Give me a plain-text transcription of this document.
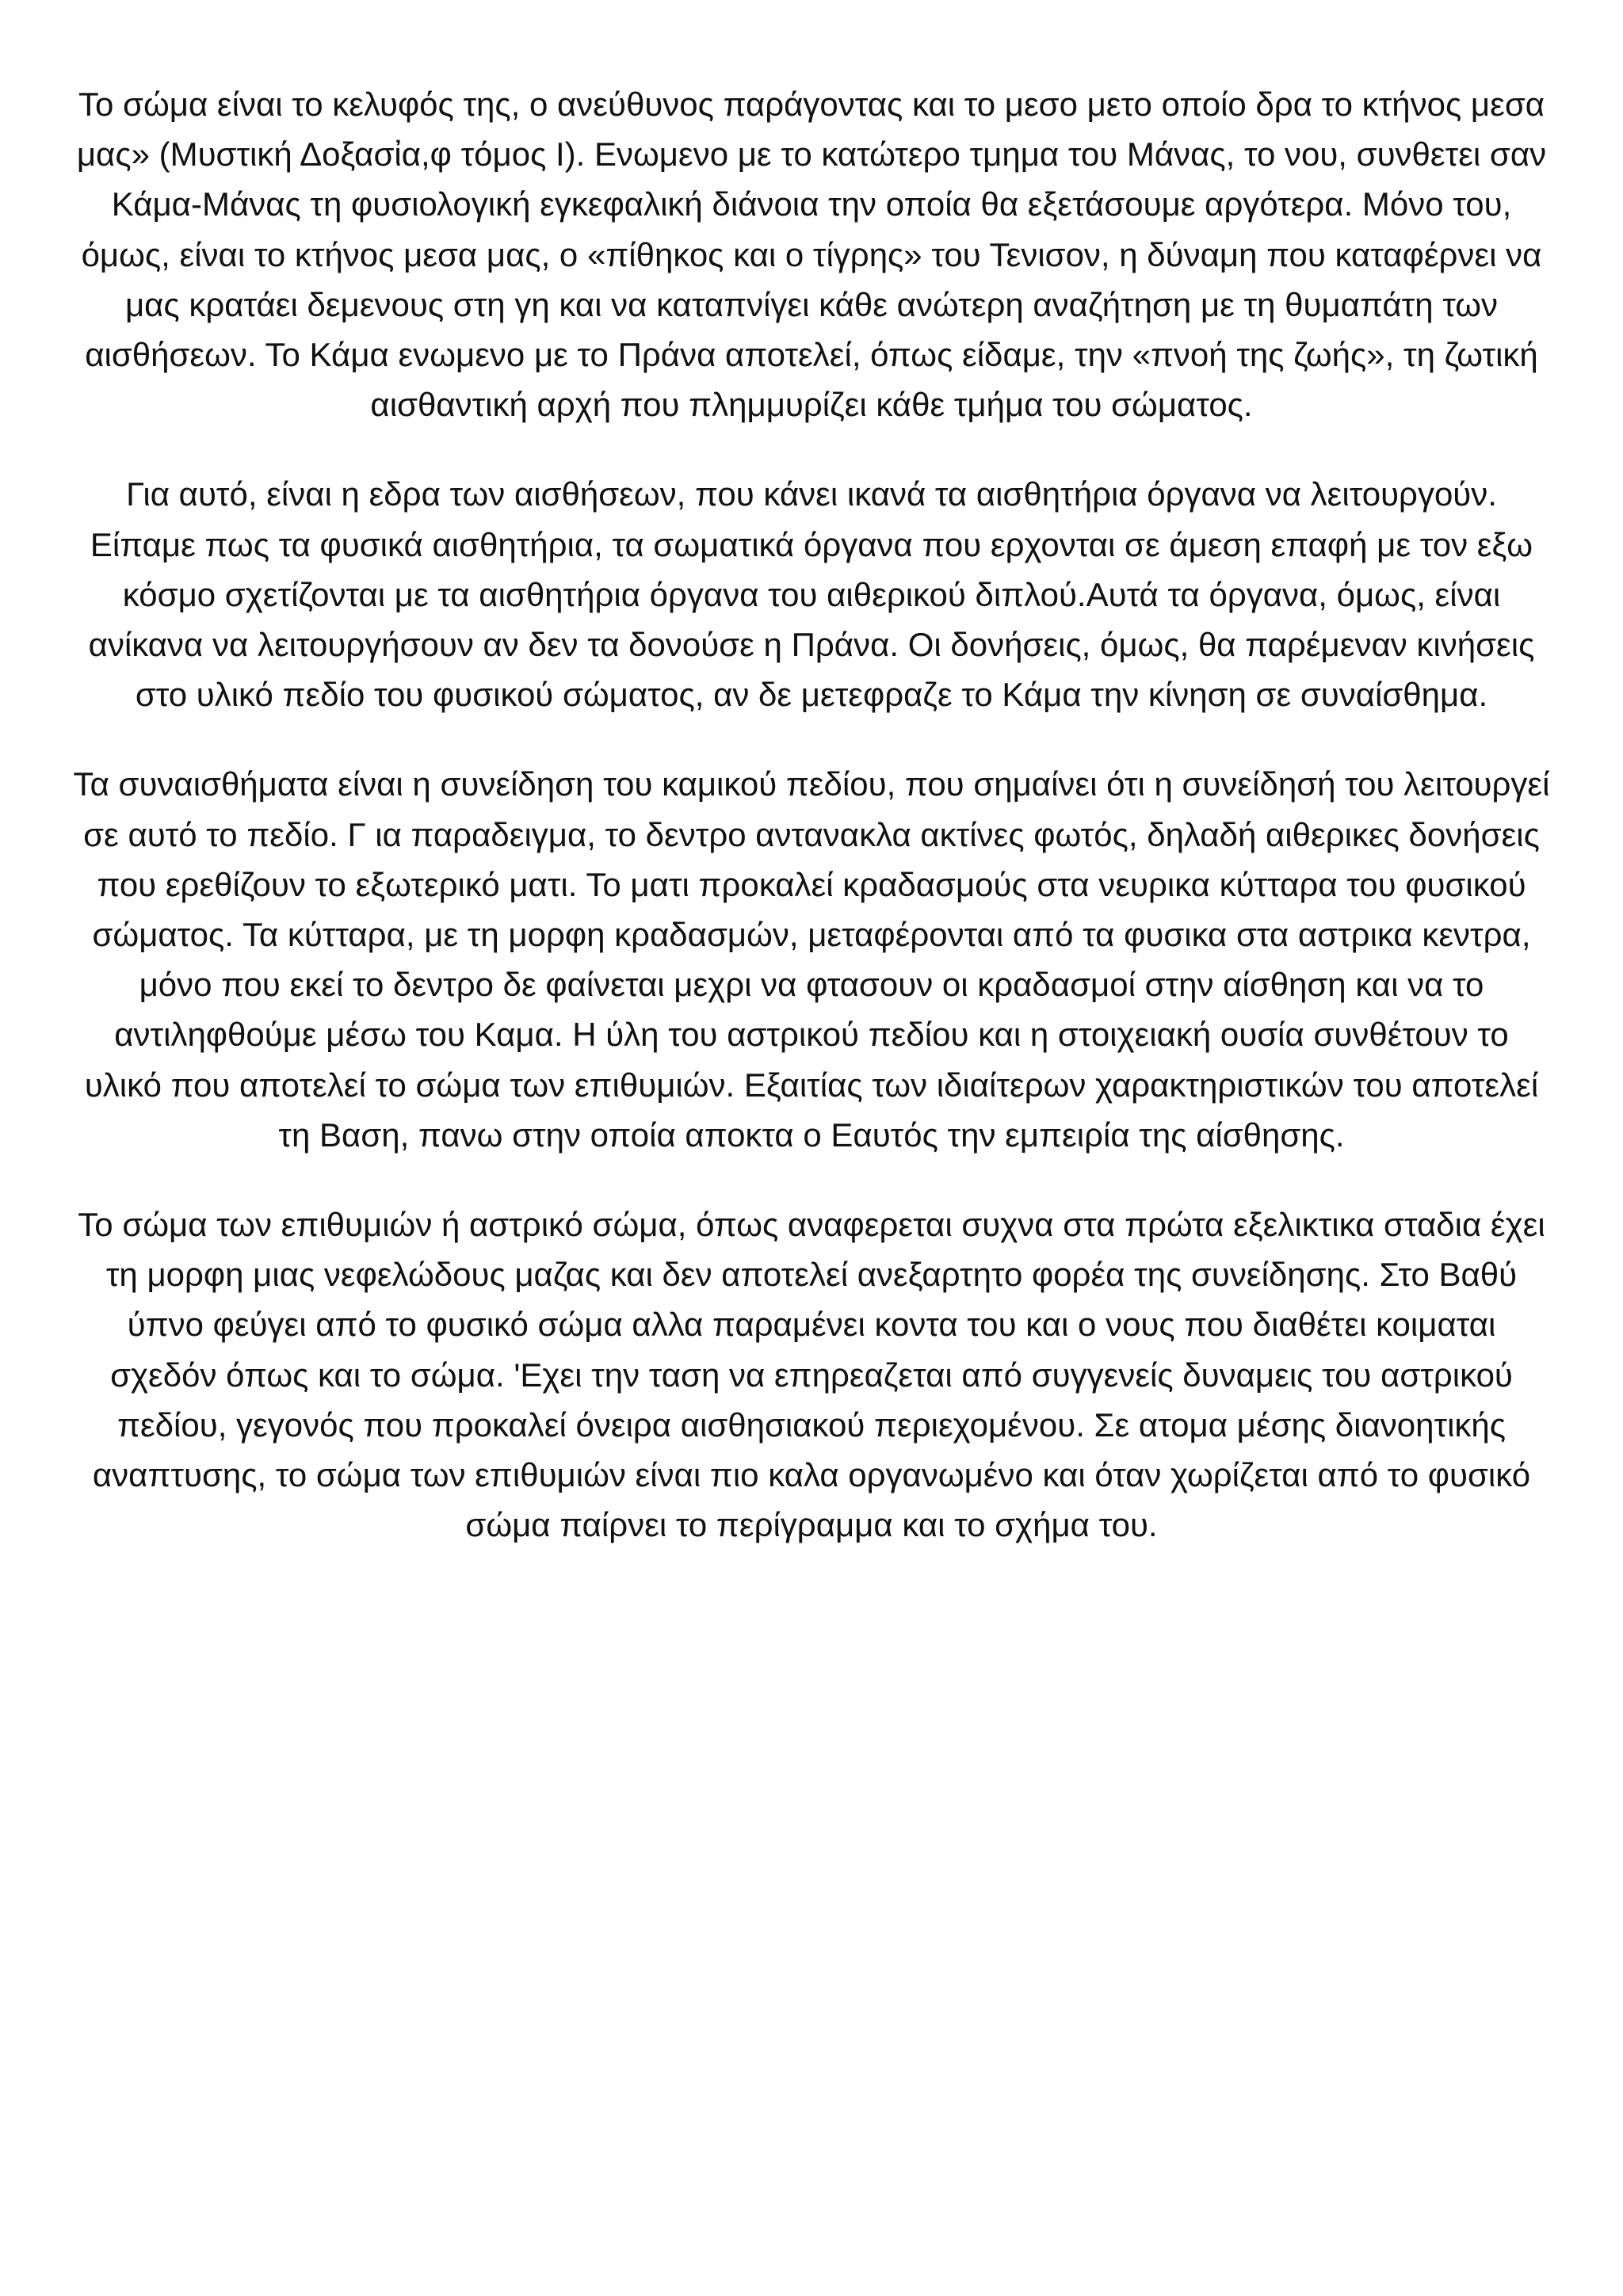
Το σώμα είναι το κελυφός της, ο ανεύθυνος παράγοντας και το μεσο μετο οποίο δρα το κτήνος μεσα μας» (Μυστική Δοξασἰα,φ τόμος Ι). Ενωμενο με το κατώτερο τμημα του Μάνας, το νου, συνθετει σαν Κάμα-Μάνας τη φυσιολογική εγκεφαλική διάνοια την οποία θα εξετάσουμε αργότερα. Μόνο του, όμως, είναι το κτήνος μεσα μας, ο «πίθηκος και ο τίγρης» του Τενισον, η δύναμη που καταφέρνει να μας κρατάει δεμενους στη γη και να καταπνίγει κάθε ανώτερη αναζήτηση με τη θυμαπάτη των αισθήσεων. Το Κάμα ενωμενο με το Πράνα αποτελεί, όπως είδαμε, την «πνοή της ζωής», τη ζωτική αισθαντική αρχή που πλημμυρίζει κάθε τμήμα του σώματος.

Για αυτό, είναι η εδρα των αισθήσεων, που κάνει ικανά τα αισθητήρια όργανα να λειτουργούν. Είπαμε πως τα φυσικά αισθητήρια, τα σωματικά όργανα που ερχονται σε άμεση επαφή με τον εξω κόσμο σχετίζονται με τα αισθητήρια όργανα του αιθερικού διπλού.Αυτά τα όργανα, όμως, είναι ανίκανα να λειτουργήσουν αν δεν τα δονούσε η Πράνα. Οι δονήσεις, όμως, θα παρέμεναν κινήσεις στο υλικό πεδίο του φυσικού σώματος, αν δε μετεφραζε το Κάμα την κίνηση σε συναίσθημα.

Τα συναισθήματα είναι η συνείδηση του καμικού πεδίου, που σημαίνει ότι η συνείδησή του λειτουργεί σε αυτό το πεδίο. Γ ια παραδειγμα, το δεντρο αντανακλα ακτίνες φωτός, δηλαδή αιθερικες δονήσεις που ερεθίζουν το εξωτερικό ματι. Το ματι προκαλεί κραδασμούς στα νευρικα κύτταρα του φυσικού σώματος. Τα κύτταρα, με τη μορφη κραδασμών, μεταφέρονται από τα φυσικα στα αστρικα κεντρα, μόνο που εκεί το δεντρο δε φαίνεται μεχρι να φτασουν οι κραδασμοί στην αίσθηση και να το αντιληφθούμε μέσω του Καμα. Η ύλη του αστρικού πεδίου και η στοιχειακή ουσία συνθέτουν το υλικό που αποτελεί το σώμα των επιθυμιών. Εξαιτίας των ιδιαίτερων χαρακτηριστικών του αποτελεί τη Βαση, πανω στην οποία αποκτα ο Εαυτός την εμπειρία της αίσθησης.

Το σώμα των επιθυμιών ή αστρικό σώμα, όπως αναφερεται συχνα στα πρώτα εξελικτικα σταδια έχει τη μορφη μιας νεφελώδους μαζας και δεν αποτελεί ανεξαρτητο φορέα της συνείδησης. Στο Βαθύ ύπνο φεύγει από το φυσικό σώμα αλλα παραμένει κοντα του και ο νους που διαθέτει κοιμαται σχεδόν όπως και το σώμα. 'Εχει την ταση να επηρεαζεται από συγγενείς δυναμεις του αστρικού πεδίου, γεγονός που προκαλεί όνειρα αισθησιακού περιεχομένου. Σε ατομα μέσης διανοητικής αναπτυσης, το σώμα των επιθυμιών είναι πιο καλα οργανωμένο και όταν χωρίζεται από το φυσικό σώμα παίρνει το περίγραμμα και το σχήμα του.
